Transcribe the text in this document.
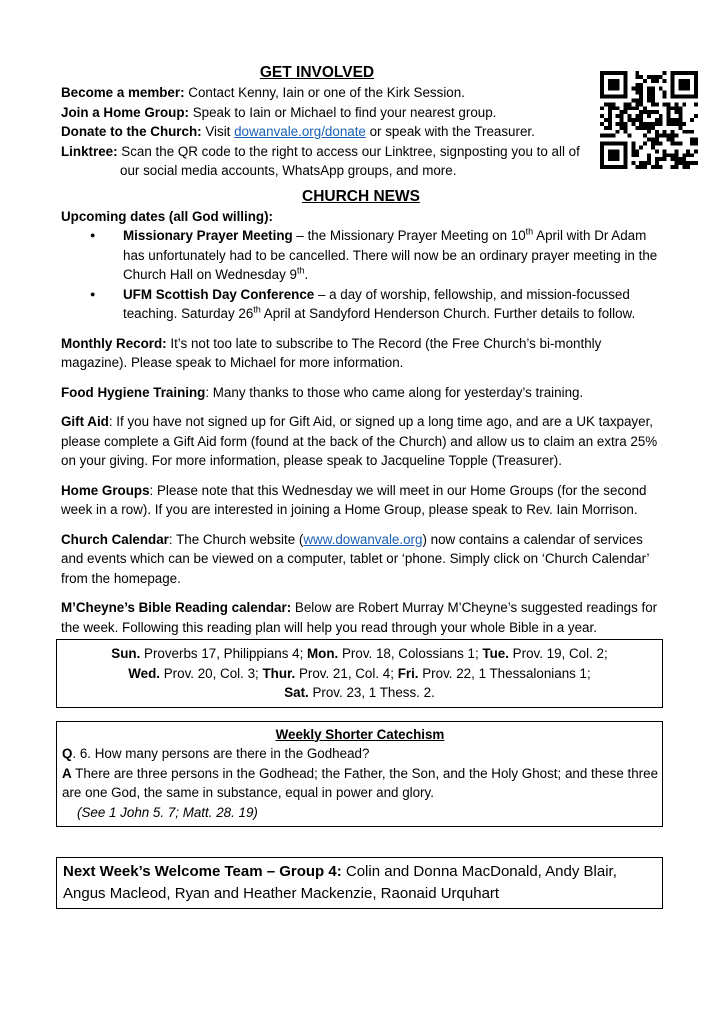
GET INVOLVED

Become a member: Contact Kenny, Iain or one of the Kirk Session.

Join a Home Group: Speak to Iain or Michael to find your nearest group.

Donate to the Church: Visit dowanvale.org/donate or speak with the Treasurer.

Linktree: Scan the QR code to the right to access our Linktree, signposting you to all of our social media accounts, WhatsApp groups, and more.

CHURCH NEWS

Upcoming dates (all God willing):

● Missionary Prayer Meeting – the Missionary Prayer Meeting on 10th April with Dr Adam has unfortunately had to be cancelled. There will now be an ordinary prayer meeting in the Church Hall on Wednesday 9th.
● UFM Scottish Day Conference – a day of worship, fellowship, and mission-focussed teaching. Saturday 26th April at Sandyford Henderson Church. Further details to follow.

Monthly Record: It’s not too late to subscribe to The Record (the Free Church’s bi-monthly magazine). Please speak to Michael for more information.

Food Hygiene Training: Many thanks to those who came along for yesterday’s training.

Gift Aid: If you have not signed up for Gift Aid, or signed up a long time ago, and are a UK taxpayer, please complete a Gift Aid form (found at the back of the Church) and allow us to claim an extra 25% on your giving. For more information, please speak to Jacqueline Topple (Treasurer).

Home Groups: Please note that this Wednesday we will meet in our Home Groups (for the second week in a row). If you are interested in joining a Home Group, please speak to Rev. Iain Morrison.

Church Calendar: The Church website (www.dowanvale.org) now contains a calendar of services and events which can be viewed on a computer, tablet or ‘phone. Simply click on ‘Church Calendar’ from the homepage.

M’Cheyne’s Bible Reading calendar: Below are Robert Murray M’Cheyne’s suggested readings for the week. Following this reading plan will help you read through your whole Bible in a year.

Sun. Proverbs 17, Philippians 4; Mon. Prov. 18, Colossians 1; Tue. Prov. 19, Col. 2;
Wed. Prov. 20, Col. 3; Thur. Prov. 21, Col. 4; Fri. Prov. 22, 1 Thessalonians 1;
Sat. Prov. 23, 1 Thess. 2.
Weekly Shorter Catechism

Q. 6. How many persons are there in the Godhead?

A There are three persons in the Godhead; the Father, the Son, and the Holy Ghost; and these three are one God, the same in substance, equal in power and glory.

(See 1 John 5. 7; Matt. 28. 19)

Next Week’s Welcome Team – Group 4: Colin and Donna MacDonald, Andy Blair, Angus Macleod, Ryan and Heather Mackenzie, Raonaid Urquhart
